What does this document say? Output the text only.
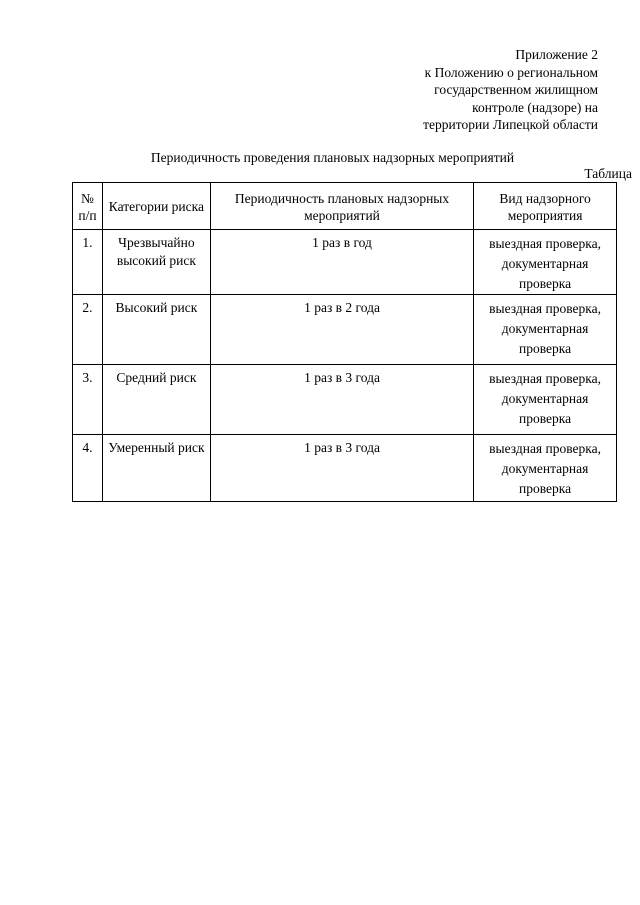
Приложение 2
к Положению о региональном
государственном жилищном
контроле (надзоре) на
территории Липецкой области
Периодичность проведения плановых надзорных мероприятий
Таблица
№ п/п	Категории риска	Периодичность плановых надзорных мероприятий	Вид надзорного мероприятия
1.	Чрезвычайно высокий риск	1 раз в год	выездная проверка, документарная проверка
2.	Высокий риск	1 раз в 2 года	выездная проверка, документарная проверка
3.	Средний риск	1 раз в 3 года	выездная проверка, документарная проверка
4.	Умеренный риск	1 раз в 3 года	выездная проверка, документарная проверка
